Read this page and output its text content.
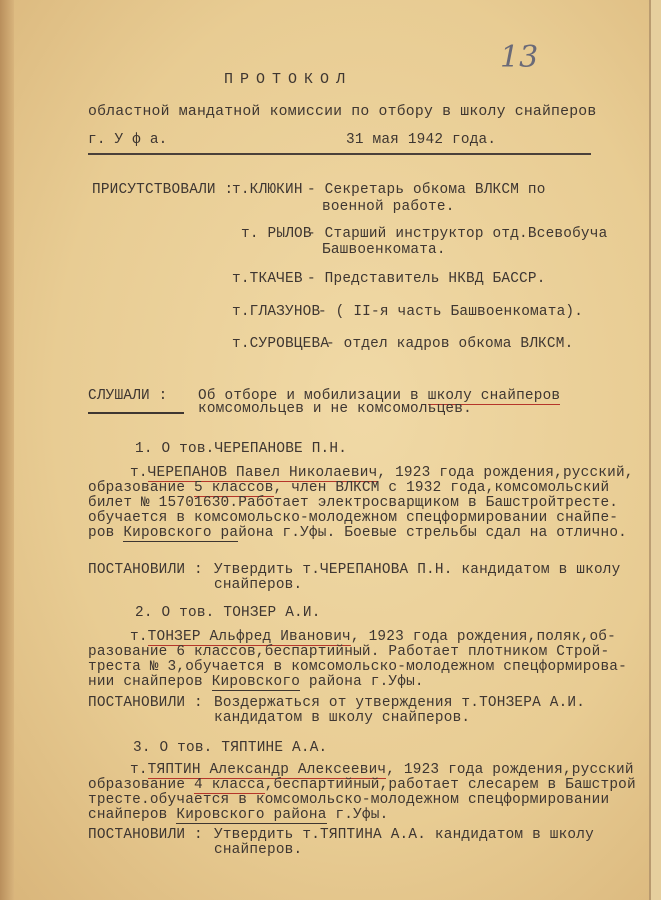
13
ПРОТОКОЛ
областной мандатной комиссии по отбору в школу снайперов
г. У ф а.	31 мая 1942 года.
ПРИСУТСТВОВАЛИ :
т.КЛЮКИН - Секретарь обкома ВЛКСМ по
военной работе.
т. РЫЛОВ
- Старший инструктор отд.Всевобуча
Башвоенкомата.
т.ТКАЧЕВ - Представитель НКВД БАССР.
т.ГЛАЗУНОВ
- ( II-я часть Башвоенкомата).
т.СУРОВЦЕВА
- отдел кадров обкома ВЛКСМ.
СЛУШАЛИ : Об отборе и мобилизации в школу снайперов
комсомольцев и не комсомольцев.
1. О тов.ЧЕРЕПАНОВЕ П.Н.
т.ЧЕРЕПАНОВ Павел Николаевич, 1923 года рождения,русский,
образование 5 классов, член ВЛКСМ с 1932 года,комсомольский
билет № 15701630.Работает электросварщиком в Башстройтресте.
обучается в комсомольско-молодежном спецформировании снайпе-
ров Кировского района г.Уфы. Боевые стрельбы сдал на отлично.
ПОСТАНОВИЛИ : Утвердить т.ЧЕРЕПАНОВА П.Н. кандидатом в школу
снайперов.
2. О тов. ТОНЗЕР А.И.
т.ТОНЗЕР Альфред Иванович, 1923 года рождения,поляк,об-
разование 6 классов,беспартийный. Работает плотником Строй-
треста № 3,обучается в комсомольско-молодежном спецформирова-
нии снайперов Кировского района г.Уфы.
ПОСТАНОВИЛИ : Воздержаться от утверждения т.ТОНЗЕРА А.И.
кандидатом в школу снайперов.
3. О тов. ТЯПТИНЕ А.А.
т.ТЯПТИН Александр Алексеевич, 1923 года рождения,русский
образование 4 класса,беспартийный,работает слесарем в Башстрой
тресте.обучается в комсомольско-молодежном спецформировании
снайперов Кировского района г.Уфы.
ПОСТАНОВИЛИ : Утвердить т.ТЯПТИНА А.А. кандидатом в школу
снайперов.
